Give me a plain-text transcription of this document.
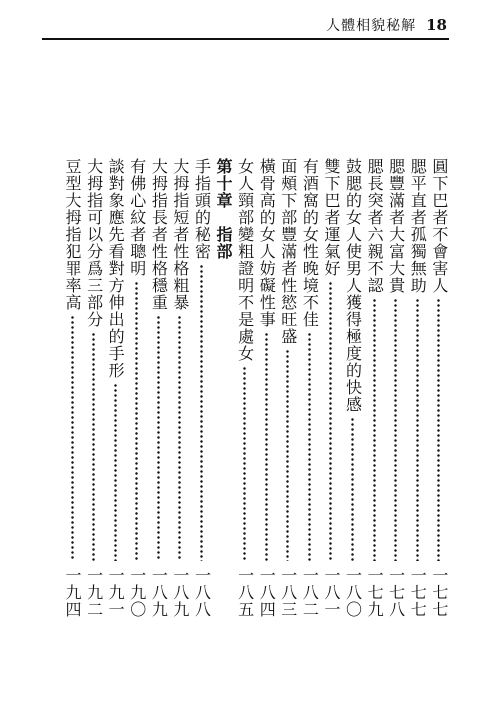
人體相貌秘解 18
圓下巴者不會害人
一七七
腮平直者孤獨無助
一七七
腮豐滿者大富大貴
一七八
腮長突者六親不認
一七九
鼓腮的女人使男人獲得極度的快感
一八〇
雙下巴者運氣好
一八一
有酒窩的女性晚境不佳
一八二
面頰下部豐滿者性慾旺盛
一八三
橫骨高的女人妨礙性事
一八四
女人頸部變粗證明不是處女
一八五
第十章　指部
手指頭的秘密
一八八
大拇指短者性格粗暴
一八九
大拇指長者性格穩重
一八九
有佛心紋者聰明
一九〇
談對象應先看對方伸出的手形
一九一
大拇指可以分爲三部分
一九二
豆型大拇指犯罪率高
一九四
